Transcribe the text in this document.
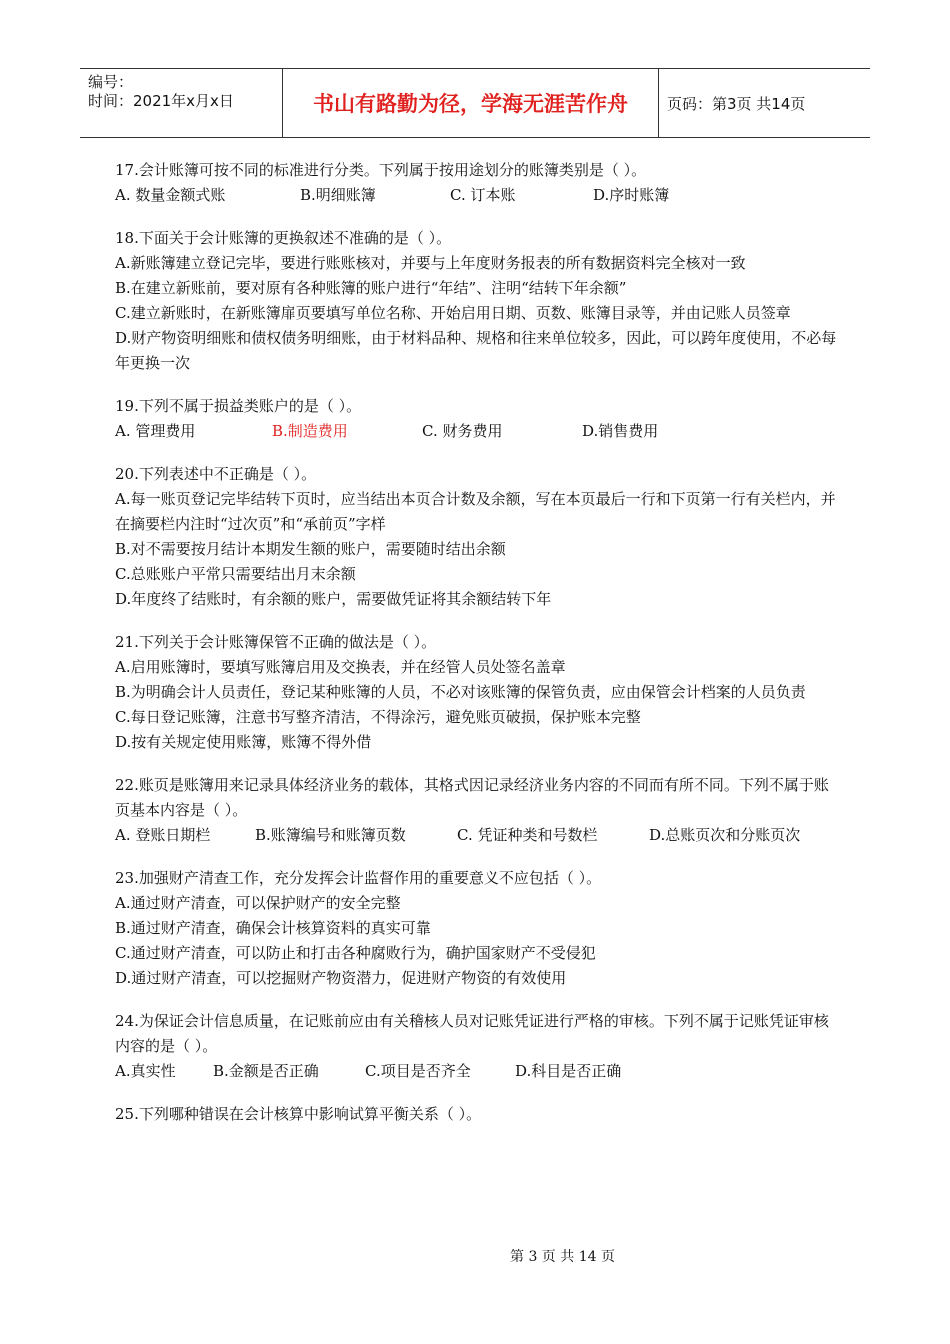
编号：
时间：2021年x月x日	书山有路勤为径，学海无涯苦作舟	页码：第3页 共14页
17.会计账簿可按不同的标准进行分类。下列属于按用途划分的账簿类别是（ ）。
A. 数量金额式账	B.明细账簿	C. 订本账	D.序时账簿
18.下面关于会计账簿的更换叙述不准确的是（ ）。
A.新账簿建立登记完毕，要进行账账核对，并要与上年度财务报表的所有数据资料完全核对一致
B.在建立新账前，要对原有各种账簿的账户进行“年结”、注明“结转下年余额”
C.建立新账时，在新账簿扉页要填写单位名称、开始启用日期、页数、账簿目录等，并由记账人员签章
D.财产物资明细账和债权债务明细账，由于材料品种、规格和往来单位较多，因此，可以跨年度使用，不必每年更换一次
19.下列不属于损益类账户的是（ ）。
A. 管理费用	B.制造费用	C. 财务费用	D.销售费用
20.下列表述中不正确是（ ）。
A.每一账页登记完毕结转下页时，应当结出本页合计数及余额，写在本页最后一行和下页第一行有关栏内，并在摘要栏内注时“过次页”和“承前页”字样
B.对不需要按月结计本期发生额的账户，需要随时结出余额
C.总账账户平常只需要结出月末余额
D.年度终了结账时，有余额的账户，需要做凭证将其余额结转下年
21.下列关于会计账簿保管不正确的做法是（ ）。
A.启用账簿时，要填写账簿启用及交换表，并在经管人员处签名盖章
B.为明确会计人员责任，登记某种账簿的人员，不必对该账簿的保管负责，应由保管会计档案的人员负责
C.每日登记账簿，注意书写整齐清洁，不得涂污，避免账页破损，保护账本完整
D.按有关规定使用账簿，账簿不得外借
22.账页是账簿用来记录具体经济业务的载体，其格式因记录经济业务内容的不同而有所不同。下列不属于账页基本内容是（ ）。
A. 登账日期栏	B.账簿编号和账簿页数	C. 凭证种类和号数栏	D.总账页次和分账页次
23.加强财产清查工作，充分发挥会计监督作用的重要意义不应包括（ ）。
A.通过财产清查，可以保护财产的安全完整
B.通过财产清查，确保会计核算资料的真实可靠
C.通过财产清查，可以防止和打击各种腐败行为，确护国家财产不受侵犯
D.通过财产清查，可以挖掘财产物资潜力，促进财产物资的有效使用
24.为保证会计信息质量，在记账前应由有关稽核人员对记账凭证进行严格的审核。下列不属于记账凭证审核内容的是（ ）。
A.真实性	B.金额是否正确	C.项目是否齐全	D.科目是否正确
25.下列哪种错误在会计核算中影响试算平衡关系（ ）。
第 3 页 共 14 页
